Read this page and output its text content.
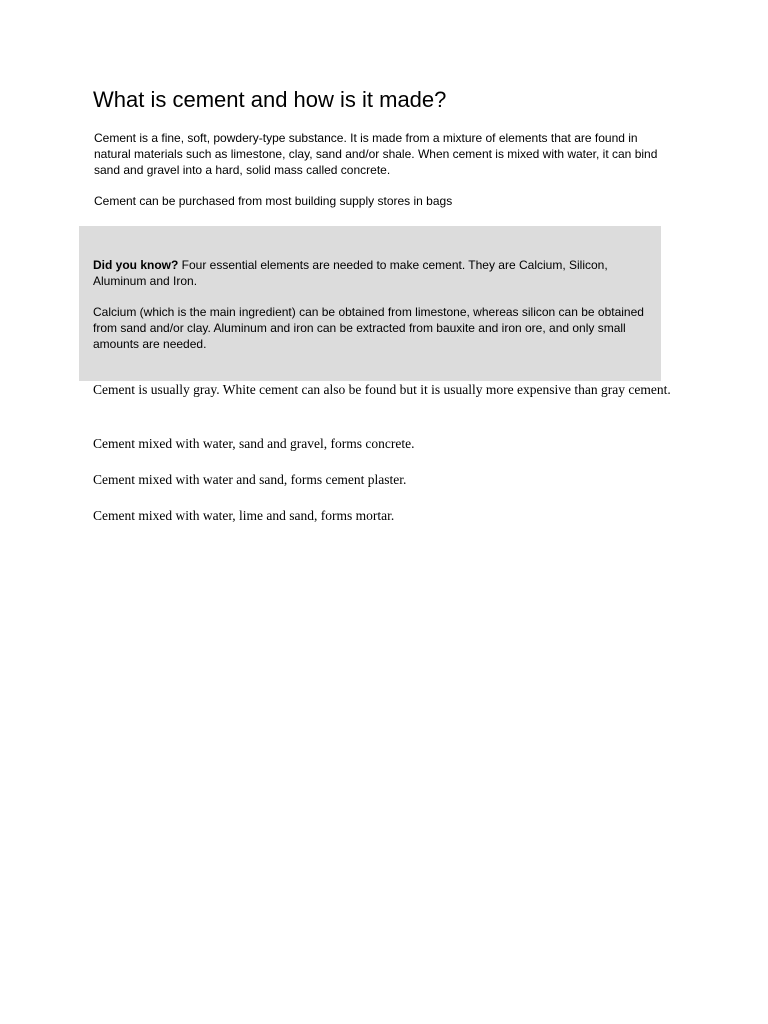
What is cement and how is it made?

Cement is a fine, soft, powdery-type substance. It is made from a mixture of elements that are found in natural materials such as limestone, clay, sand and/or shale. When cement is mixed with water, it can bind sand and gravel into a hard, solid mass called concrete.

Cement can be purchased from most building supply stores in bags

Did you know? Four essential elements are needed to make cement. They are Calcium, Silicon, Aluminum and Iron.

Calcium (which is the main ingredient) can be obtained from limestone, whereas silicon can be obtained from sand and/or clay. Aluminum and iron can be extracted from bauxite and iron ore, and only small amounts are needed.

Cement is usually gray. White cement can also be found but it is usually more expensive than gray cement.

Cement mixed with water, sand and gravel, forms concrete.

Cement mixed with water and sand, forms cement plaster.

Cement mixed with water, lime and sand, forms mortar.
